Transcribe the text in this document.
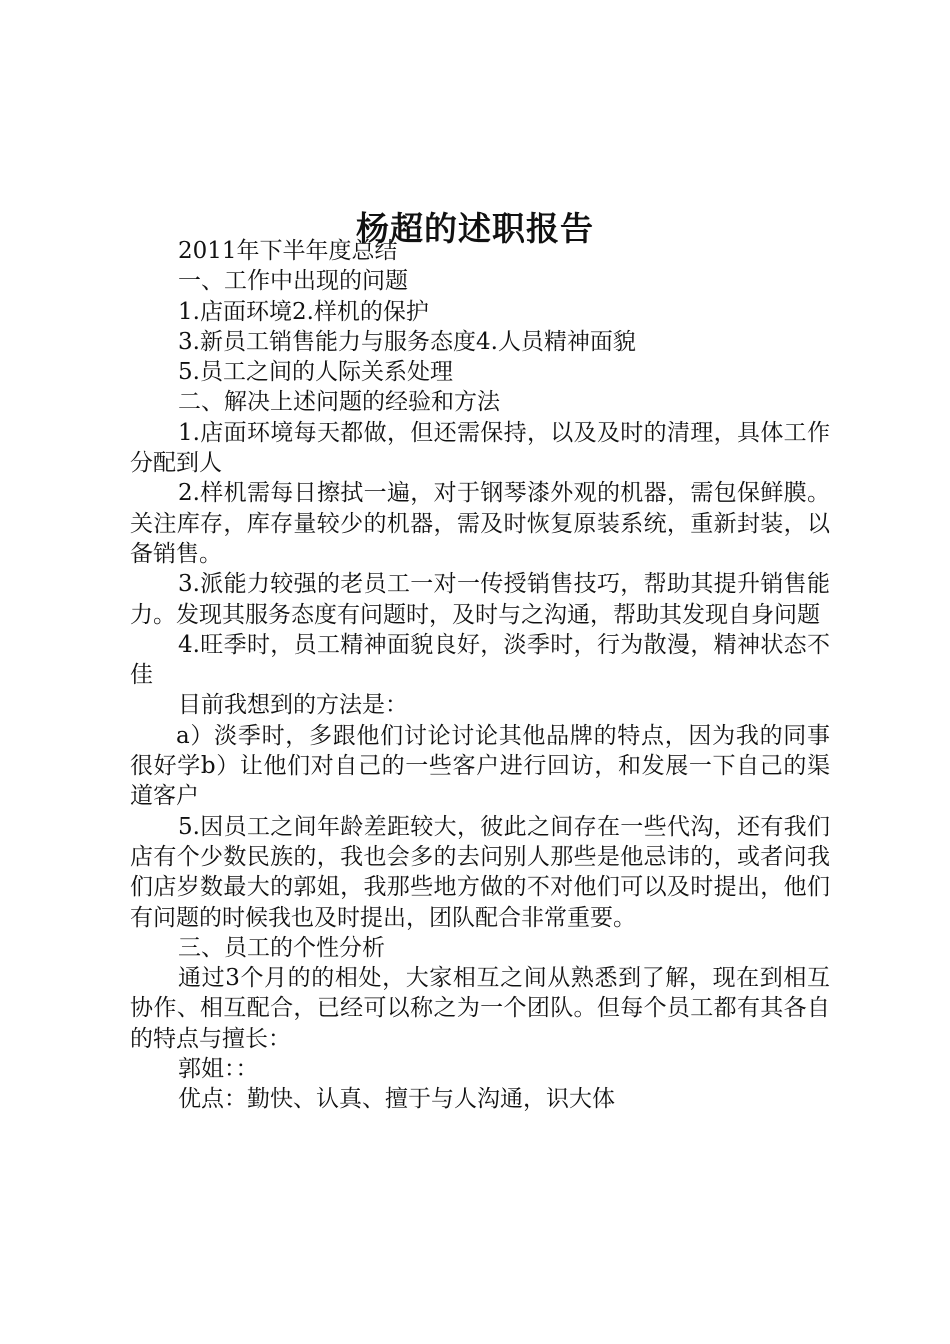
杨超的述职报告

2011年下半年度总结

一、工作中出现的问题

1.店面环境2.样机的保护

3.新员工销售能力与服务态度4.人员精神面貌

5.员工之间的人际关系处理

二、解决上述问题的经验和方法

1.店面环境每天都做，但还需保持，以及及时的清理，具体工作分配到人

2.样机需每日擦拭一遍，对于钢琴漆外观的机器，需包保鲜膜。关注库存，库存量较少的机器，需及时恢复原装系统，重新封装，以备销售。

3.派能力较强的老员工一对一传授销售技巧，帮助其提升销售能力。发现其服务态度有问题时，及时与之沟通，帮助其发现自身问题

4.旺季时，员工精神面貌良好，淡季时，行为散漫，精神状态不佳

目前我想到的方法是：

a）淡季时，多跟他们讨论讨论其他品牌的特点，因为我的同事很好学b）让他们对自己的一些客户进行回访，和发展一下自己的渠道客户

5.因员工之间年龄差距较大，彼此之间存在一些代沟，还有我们店有个少数民族的，我也会多的去问别人那些是他忌讳的，或者问我们店岁数最大的郭姐，我那些地方做的不对他们可以及时提出，他们有问题的时候我也及时提出，团队配合非常重要。

三、员工的个性分析

通过3个月的的相处，大家相互之间从熟悉到了解，现在到相互协作、相互配合，已经可以称之为一个团队。但每个员工都有其各自的特点与擅长：

郭姐：：

优点：勤快、认真、擅于与人沟通，识大体
